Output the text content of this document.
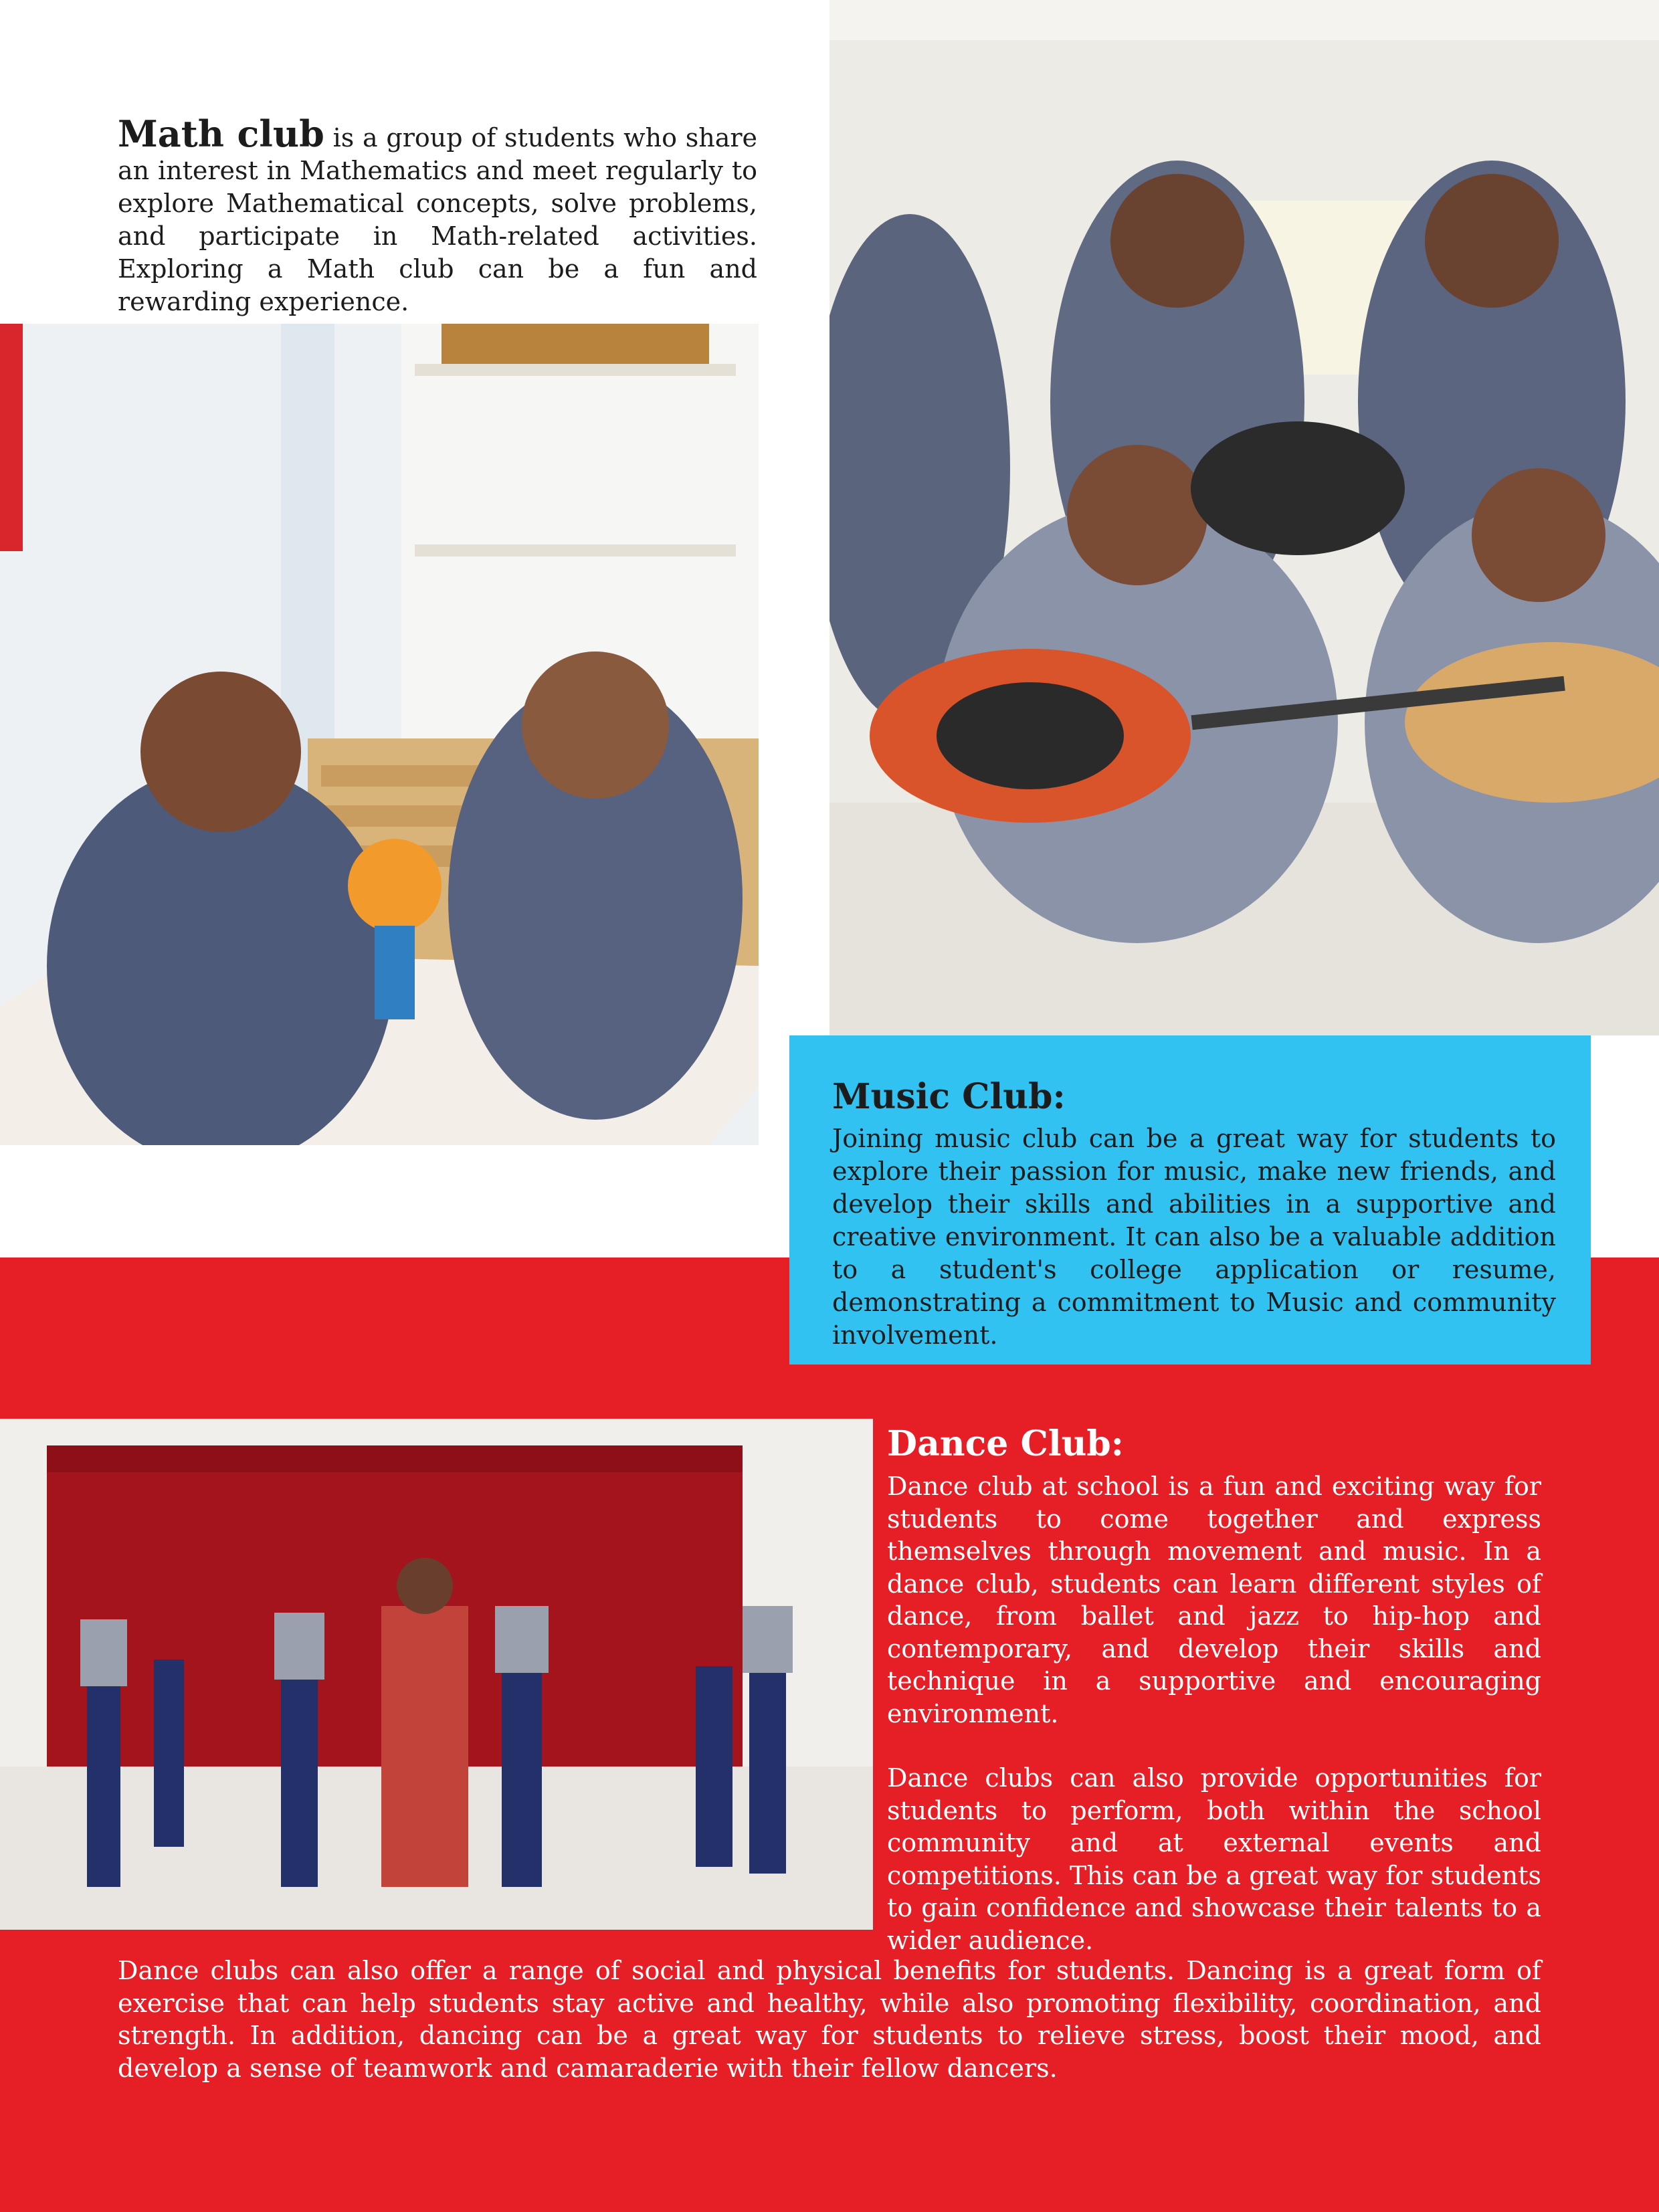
Math club is a group of students who share an interest in Mathematics and meet regularly to explore Mathematical concepts, solve problems, and participate in Math-related activities. Exploring a Math club can be a fun and rewarding experience.
Music Club:
Joining music club can be a great way for students to explore their passion for music, make new friends, and develop their skills and abilities in a supportive and creative environment. It can also be a valuable addition to a student's college application or resume, demonstrating a commitment to Music and community involvement.
Dance Club:

Dance club at school is a fun and exciting way for students to come together and express themselves through movement and music. In a dance club, students can learn different styles of dance, from ballet and jazz to hip-hop and contemporary, and develop their skills and technique in a supportive and encouraging environment.

Dance clubs can also provide opportunities for students to perform, both within the school community and at external events and competitions. This can be a great way for students to gain confidence and showcase their talents to a wider audience.

Dance clubs can also offer a range of social and physical benefits for students. Dancing is a great form of exercise that can help students stay active and healthy, while also promoting flexibility, coordination, and strength. In addition, dancing can be a great way for students to relieve stress, boost their mood, and develop a sense of teamwork and camaraderie with their fellow dancers.
